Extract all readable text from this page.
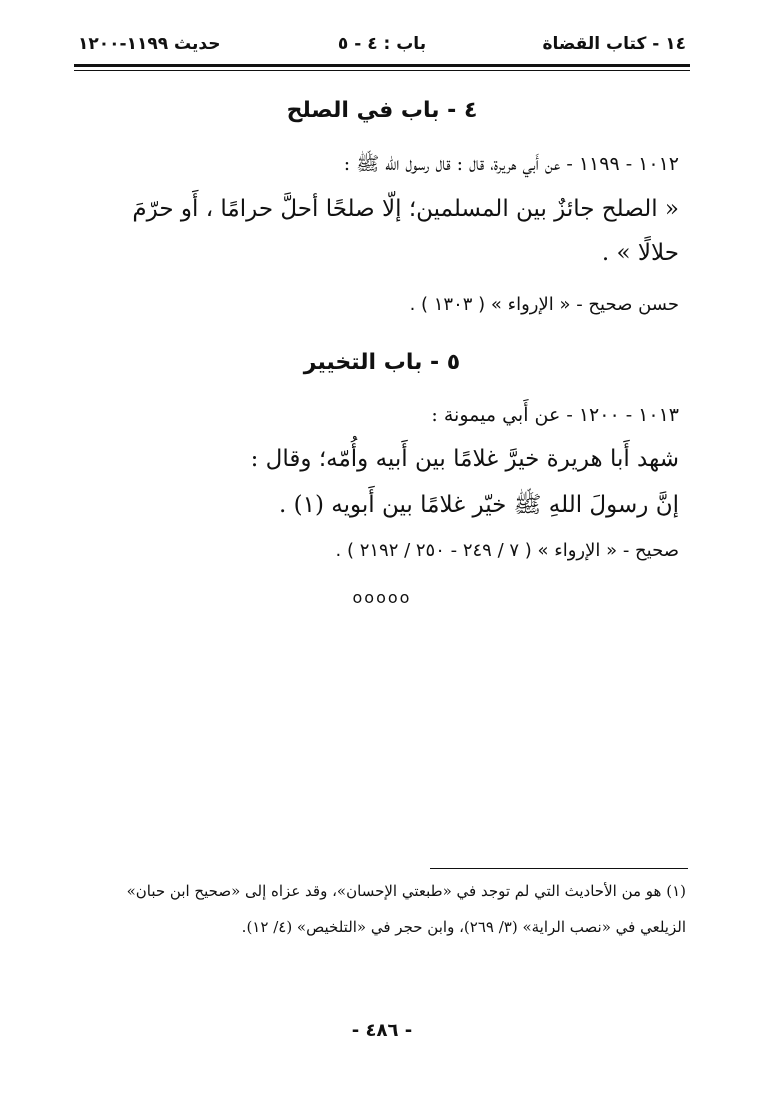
١٤ - كتاب القضاة
باب : ٤ - ٥
حديث ١١٩٩-١٢٠٠
٤ - باب في الصلح
١٠١٢ - ١١٩٩ - عن أَبي هريرة، قال : قال رسول الله ﷺ :
« الصلح جائزٌ بين المسلمين؛ إلّا صلحًا أحلَّ حرامًا ، أَو حرّمَ
حلالًا » .
حسن صحيح - « الإرواء » ( ١٣٠٣ ) .
٥ - باب التخيير
١٠١٣ - ١٢٠٠ - عن أَبي ميمونة :
شهد أَبا هريرة خيرَّ غلامًا بين أَبيه وأُمّه؛ وقال :
إنَّ رسولَ اللهِ ﷺ خيّر غلامًا بين أَبويه (١) .
صحيح - « الإرواء » ( ٧ / ٢٤٩ - ٢٥٠ / ٢١٩٢ ) .
ooooo
(١) هو من الأحاديث التي لم توجد في «طبعتي الإحسان»، وقد عزاه إلى «صحيح ابن حبان»
الزيلعي في «نصب الراية» (٣/ ٢٦٩)، وابن حجر في «التلخيص» (٤/ ١٢).
- ٤٨٦ -
